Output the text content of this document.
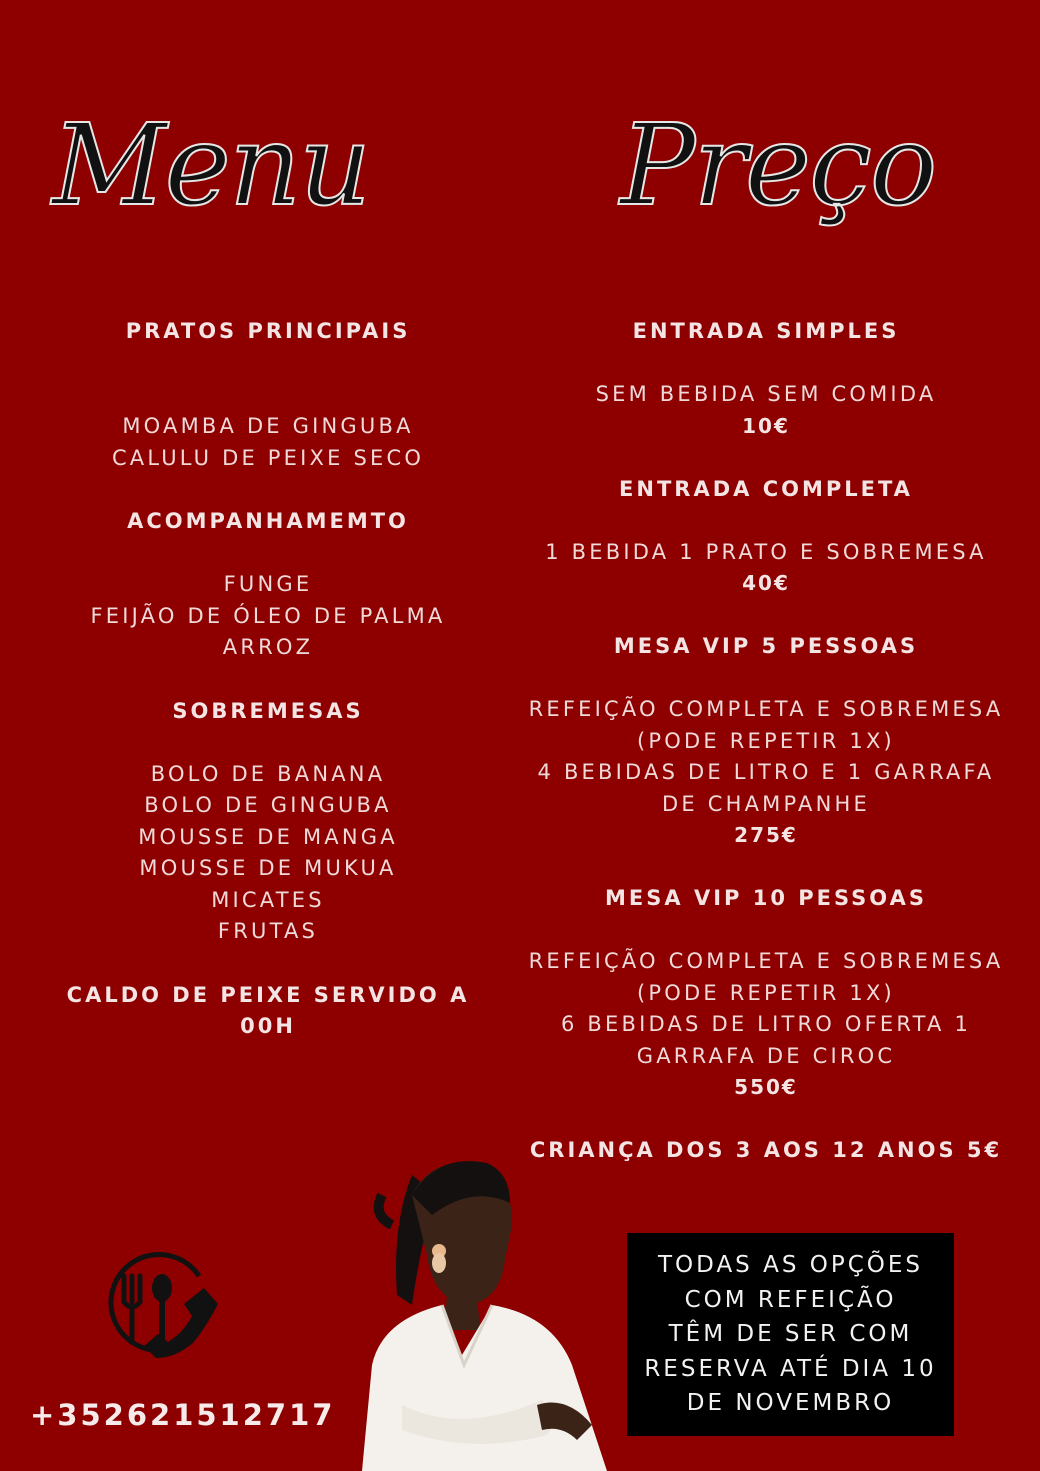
Menu Preço
PRATOS PRINCIPAIS
MOAMBA DE GINGUBA
CALULU DE PEIXE SECO
ACOMPANHAMEMTO
FUNGE
FEIJÃO DE ÓLEO DE PALMA
ARROZ
SOBREMESAS
BOLO DE BANANA
BOLO DE GINGUBA
MOUSSE DE MANGA
MOUSSE DE MUKUA
MICATES
FRUTAS
CALDO DE PEIXE SERVIDO A
00H
ENTRADA SIMPLES
SEM BEBIDA SEM COMIDA
10€
ENTRADA COMPLETA
1 BEBIDA 1 PRATO E SOBREMESA
40€
MESA VIP 5 PESSOAS
REFEIÇÃO COMPLETA E SOBREMESA
(PODE REPETIR 1X)
4 BEBIDAS DE LITRO E 1 GARRAFA
DE CHAMPANHE
275€
MESA VIP 10 PESSOAS
REFEIÇÃO COMPLETA E SOBREMESA
(PODE REPETIR 1X)
6 BEBIDAS DE LITRO OFERTA 1
GARRAFA DE CIROC
550€
CRIANÇA DOS 3 AOS 12 ANOS 5€
+352621512717
TODAS AS OPÇÕES
COM REFEIÇÃO
TÊM DE SER COM
RESERVA ATÉ DIA 10
DE NOVEMBRO
